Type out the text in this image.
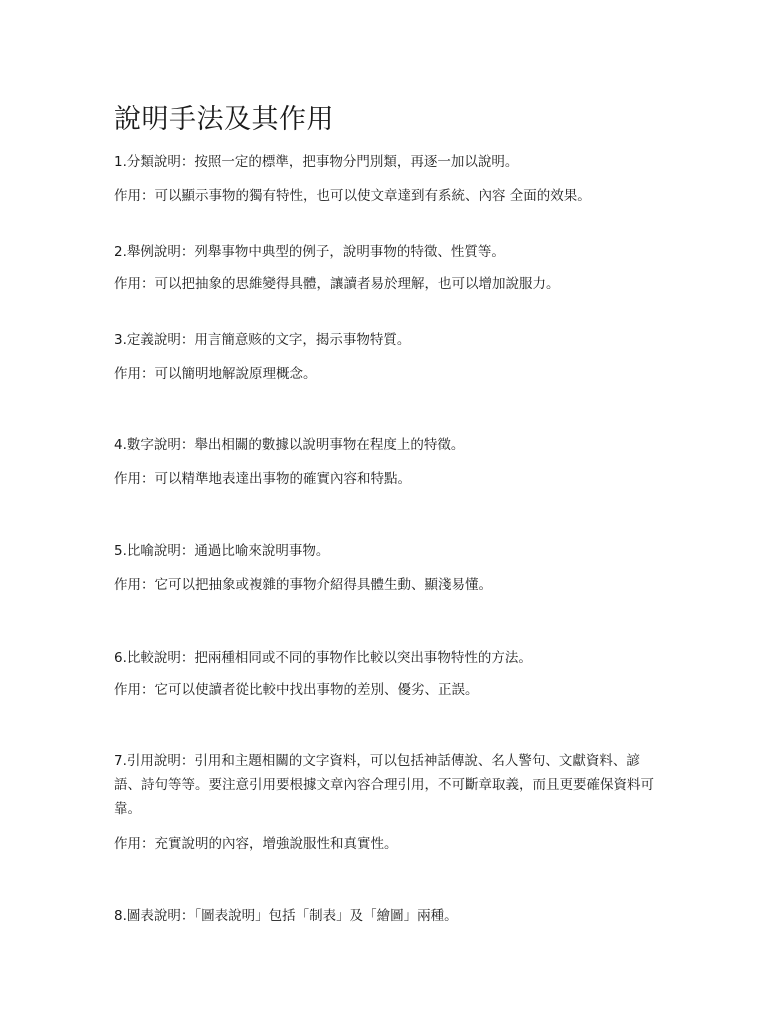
說明手法及其作用

1.分類說明：按照一定的標準，把事物分門別類，再逐一加以說明。

作用：可以顯示事物的獨有特性，也可以使文章達到有系統、內容 全面的效果。

2.舉例說明：列舉事物中典型的例子，說明事物的特徵、性質等。

作用：可以把抽象的思維變得具體，讓讀者易於理解，也可以增加說服力。

3.定義說明：用言簡意赅的文字，揭示事物特質。

作用：可以簡明地解說原理概念。

4.數字說明：舉出相關的數據以說明事物在程度上的特徵。

作用：可以精準地表達出事物的確實內容和特點。

5.比喻說明：通過比喻來說明事物。

作用：它可以把抽象或複雜的事物介紹得具體生動、顯淺易懂。

6.比較說明：把兩種相同或不同的事物作比較以突出事物特性的方法。

作用：它可以使讀者從比較中找出事物的差別、優劣、正誤。

7.引用說明：引用和主題相關的文字資料，可以包括神話傳說、名人警句、文獻資料、諺語、詩句等等。要注意引用要根據文章內容合理引用，不可斷章取義，而且更要確保資料可靠。

作用：充實說明的內容，增強說服性和真實性。

8.圖表說明：「圖表說明」包括「制表」及「繪圖」兩種。
